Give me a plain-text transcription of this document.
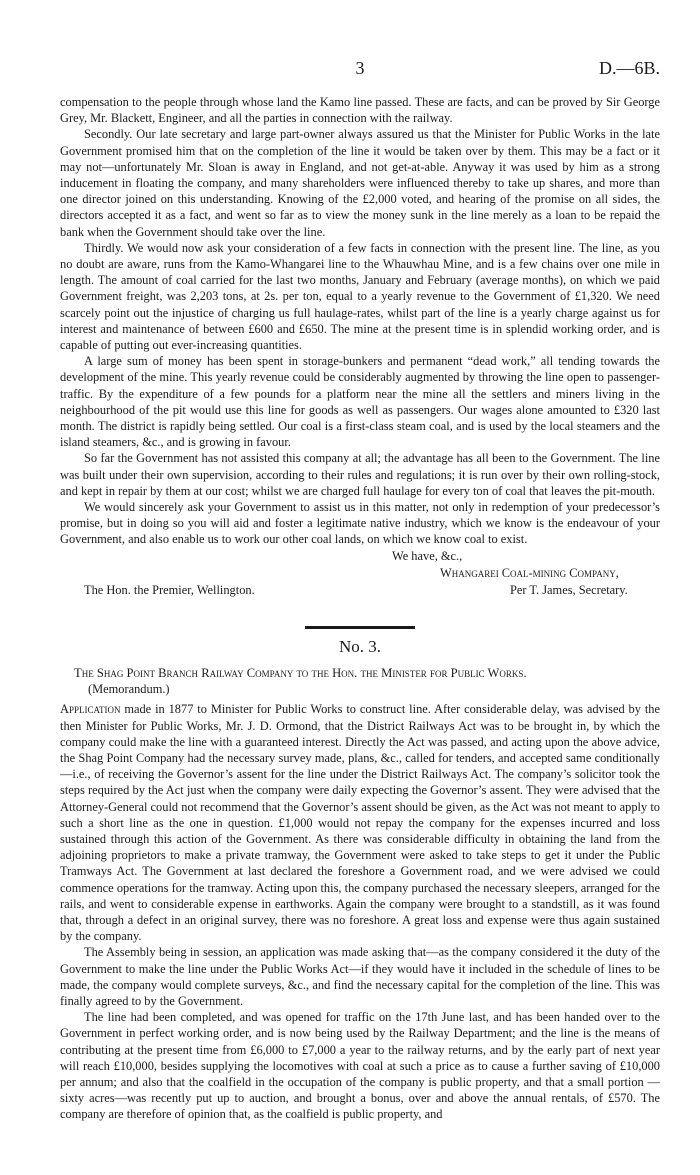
3	D.—6B.

compensation to the people through whose land the Kamo line passed. These are facts, and can be proved by Sir George Grey, Mr. Blackett, Engineer, and all the parties in connection with the railway.

Secondly. Our late secretary and large part-owner always assured us that the Minister for Public Works in the late Government promised him that on the completion of the line it would be taken over by them. This may be a fact or it may not—unfortunately Mr. Sloan is away in England, and not get-at-able. Anyway it was used by him as a strong inducement in floating the company, and many shareholders were influenced thereby to take up shares, and more than one director joined on this understanding. Knowing of the £2,000 voted, and hearing of the promise on all sides, the directors accepted it as a fact, and went so far as to view the money sunk in the line merely as a loan to be repaid the bank when the Government should take over the line.

Thirdly. We would now ask your consideration of a few facts in connection with the present line. The line, as you no doubt are aware, runs from the Kamo-Whangarei line to the Whauwhau Mine, and is a few chains over one mile in length. The amount of coal carried for the last two months, January and February (average months), on which we paid Government freight, was 2,203 tons, at 2s. per ton, equal to a yearly revenue to the Government of £1,320. We need scarcely point out the injustice of charging us full haulage-rates, whilst part of the line is a yearly charge against us for interest and maintenance of between £600 and £650. The mine at the present time is in splendid working order, and is capable of putting out ever-increasing quantities.

A large sum of money has been spent in storage-bunkers and permanent “dead work,” all tending towards the development of the mine. This yearly revenue could be considerably augmented by throwing the line open to passenger-traffic. By the expenditure of a few pounds for a platform near the mine all the settlers and miners living in the neighbourhood of the pit would use this line for goods as well as passengers. Our wages alone amounted to £320 last month. The district is rapidly being settled. Our coal is a first-class steam coal, and is used by the local steamers and the island steamers, &c., and is growing in favour.

So far the Government has not assisted this company at all; the advantage has all been to the Government. The line was built under their own supervision, according to their rules and regulations; it is run over by their own rolling-stock, and kept in repair by them at our cost; whilst we are charged full haulage for every ton of coal that leaves the pit-mouth.

We would sincerely ask your Government to assist us in this matter, not only in redemption of your predecessor’s promise, but in doing so you will aid and foster a legitimate native industry, which we know is the endeavour of your Government, and also enable us to work our other coal lands, on which we know coal to exist.

We have, &c.,
Whangarei Coal-mining Company,
Per T. James, Secretary.
The Hon. the Premier, Wellington.
No. 3.

The Shag Point Branch Railway Company to the Hon. the Minister for Public Works.

(Memorandum.)

Application made in 1877 to Minister for Public Works to construct line. After considerable delay, was advised by the then Minister for Public Works, Mr. J. D. Ormond, that the District Railways Act was to be brought in, by which the company could make the line with a guaranteed interest. Directly the Act was passed, and acting upon the above advice, the Shag Point Company had the necessary survey made, plans, &c., called for tenders, and accepted same conditionally—i.e., of receiving the Governor’s assent for the line under the District Railways Act. The company’s solicitor took the steps required by the Act just when the company were daily expecting the Governor’s assent. They were advised that the Attorney-General could not recommend that the Governor’s assent should be given, as the Act was not meant to apply to such a short line as the one in question. £1,000 would not repay the company for the expenses incurred and loss sustained through this action of the Government. As there was considerable difficulty in obtaining the land from the adjoining proprietors to make a private tramway, the Government were asked to take steps to get it under the Public Tramways Act. The Government at last declared the foreshore a Government road, and we were advised we could commence operations for the tramway. Acting upon this, the company purchased the necessary sleepers, arranged for the rails, and went to considerable expense in earthworks. Again the company were brought to a standstill, as it was found that, through a defect in an original survey, there was no foreshore. A great loss and expense were thus again sustained by the company.

The Assembly being in session, an application was made asking that—as the company considered it the duty of the Government to make the line under the Public Works Act—if they would have it included in the schedule of lines to be made, the company would complete surveys, &c., and find the necessary capital for the completion of the line. This was finally agreed to by the Government.

The line had been completed, and was opened for traffic on the 17th June last, and has been handed over to the Government in perfect working order, and is now being used by the Railway Department; and the line is the means of contributing at the present time from £6,000 to £7,000 a year to the railway returns, and by the early part of next year will reach £10,000, besides supplying the locomotives with coal at such a price as to cause a further saving of £10,000 per annum; and also that the coalfield in the occupation of the company is public property, and that a small portion —sixty acres—was recently put up to auction, and brought a bonus, over and above the annual rentals, of £570. The company are therefore of opinion that, as the coalfield is public property, and
